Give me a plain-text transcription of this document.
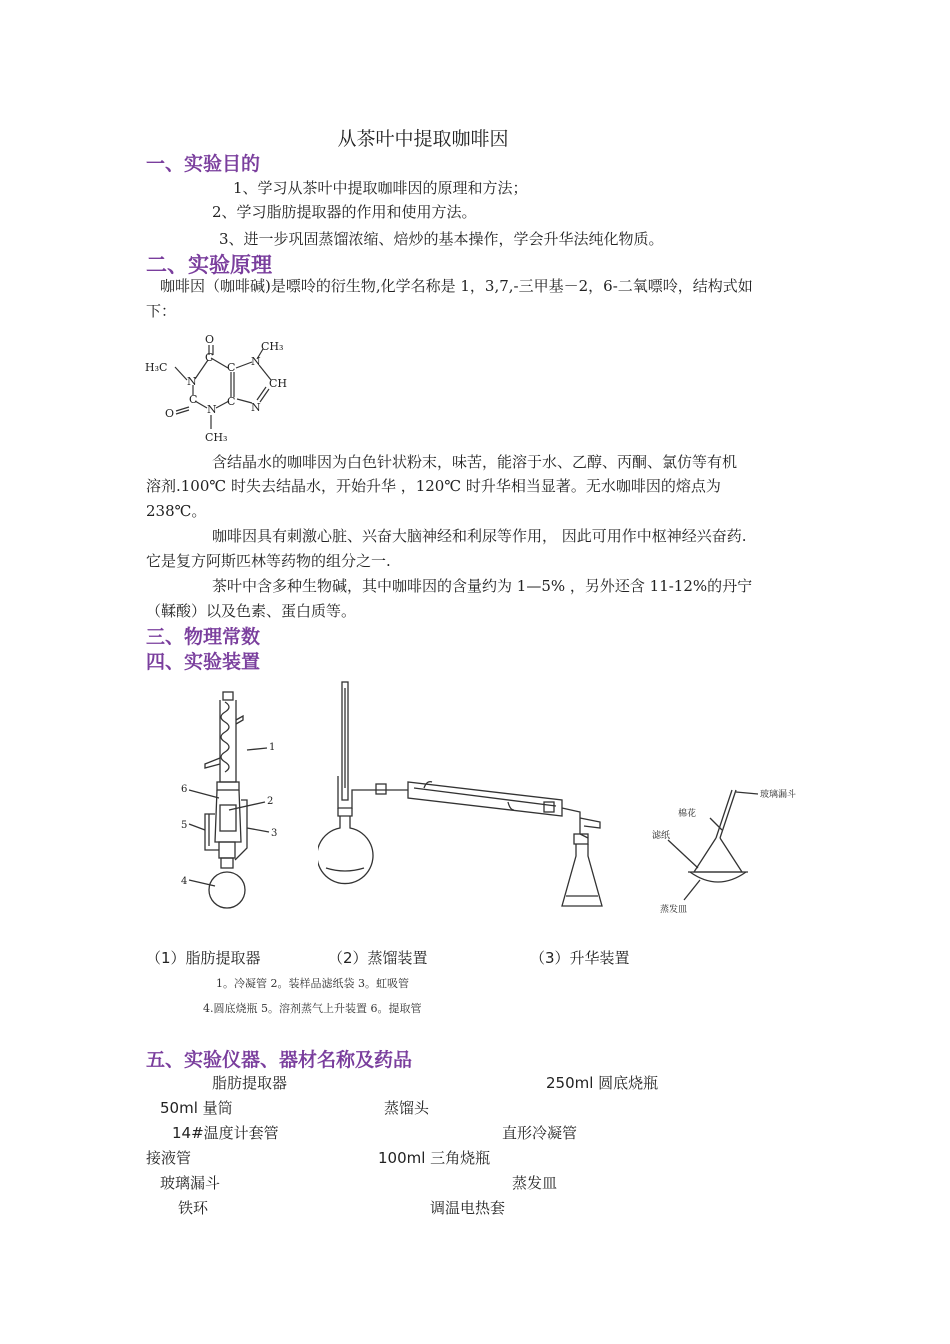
从茶叶中提取咖啡因
一、实验目的
1、学习从茶叶中提取咖啡因的原理和方法；
2、学习脂肪提取器的作用和使用方法。
3、进一步巩固蒸馏浓缩、焙炒的基本操作，学会升华法纯化物质。
二、实验原理
咖啡因（咖啡碱)是嘌呤的衍生物,化学名称是 1，3,7,-三甲基－2，6-二氧嘌呤，结构式如
下：
O
C
N
H₃C
C
O	N
CH₃
C
C
N
CH₃
CH
N
含结晶水的咖啡因为白色针状粉末，味苦，能溶于水、乙醇、丙酮、氯仿等有机
溶剂.100℃ 时失去结晶水，开始升华 ，120℃ 时升华相当显著。无水咖啡因的熔点为
238℃。
咖啡因具有刺激心脏、兴奋大脑神经和利尿等作用， 因此可用作中枢神经兴奋药.
它是复方阿斯匹林等药物的组分之一.
茶叶中含多种生物碱，其中咖啡因的含量约为 1—5% ，另外还含 11-12%的丹宁
（鞣酸）以及色素、蛋白质等。
三、物理常数
四、实验装置
1
2
3
4
5
6	玻璃漏斗
棉花
滤纸
蒸发皿
（1）脂肪提取器	（2）蒸馏装置	（3）升华装置
1。冷凝管 2。装样品滤纸袋 3。虹吸管
4.圆底烧瓶 5。溶剂蒸气上升装置 6。提取管
五、实验仪器、器材名称及药品
脂肪提取器	250ml 圆底烧瓶
50ml 量筒	蒸馏头
14#温度计套管	直形冷凝管
接液管	100ml 三角烧瓶
玻璃漏斗	蒸发皿
铁环	调温电热套
